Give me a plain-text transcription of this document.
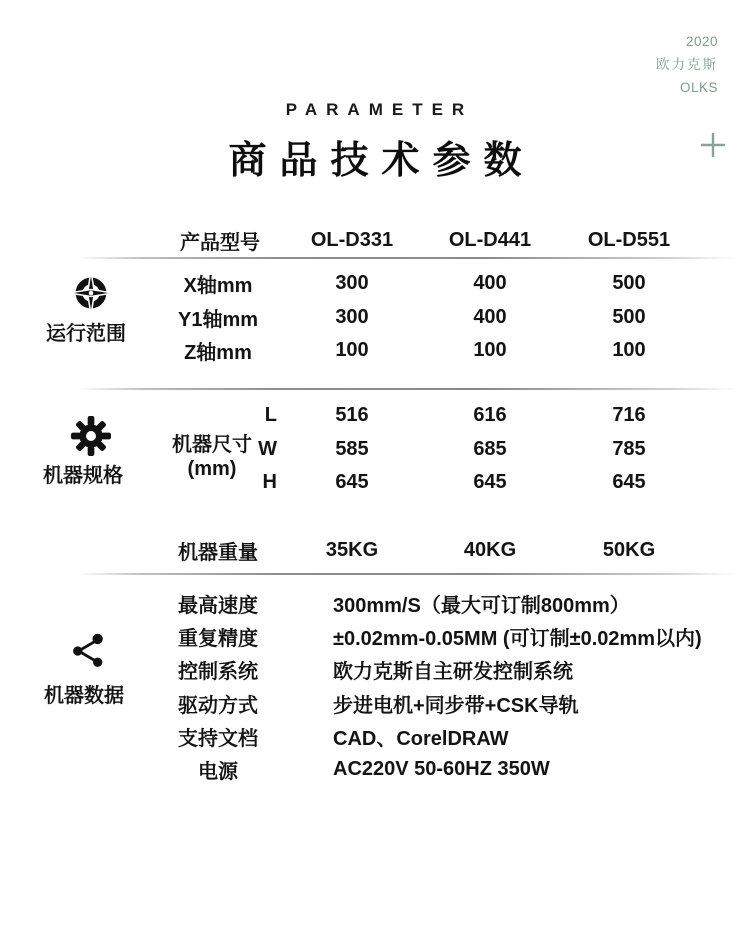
2020
欧力克斯
OLKS
PARAMETER
商品技术参数
产品型号	OL-D331	OL-D441	OL-D551
运行范围
X轴mm	300	400	500
Y1轴mm	300	400	500
Z轴mm	100	100	100
机器规格
机器尺寸
(mm)
L	516	616	716
W	585	685	785
H	645	645	645
机器重量	35KG	40KG	50KG
机器数据
最高速度	300mm/S（最大可订制800mm）
重复精度	±0.02mm-0.05MM (可订制±0.02mm以内)
控制系统	欧力克斯自主研发控制系统
驱动方式	步进电机+同步带+CSK导轨
支持文档	CAD、CorelDRAW
电源	AC220V 50-60HZ 350W
